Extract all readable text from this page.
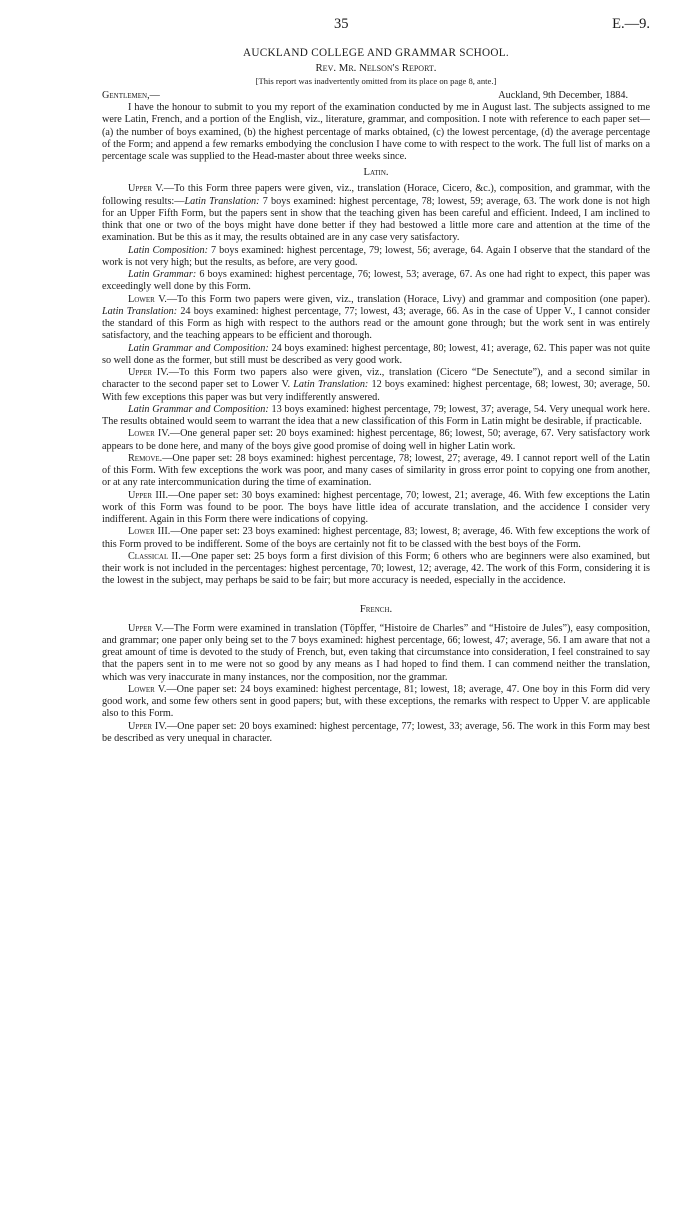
35	E.—9.
AUCKLAND COLLEGE AND GRAMMAR SCHOOL.
Rev. Mr. Nelson's Report.
[This report was inadvertently omitted from its place on page 8, ante.]
Gentlemen,—	Auckland, 9th December, 1884.

I have the honour to submit to you my report of the examination conducted by me in August last. The subjects assigned to me were Latin, French, and a portion of the English, viz., literature, grammar, and composition. I note with reference to each paper set—(a) the number of boys examined, (b) the highest percentage of marks obtained, (c) the lowest percentage, (d) the average percentage of the Form; and append a few remarks embodying the conclusion I have come to with respect to the work. The full list of marks on a percentage scale was supplied to the Head-master about three weeks since.

Latin.

Upper V.—To this Form three papers were given, viz., translation (Horace, Cicero, &c.), composition, and grammar, with the following results:—Latin Translation: 7 boys examined: highest percentage, 78; lowest, 59; average, 63. The work done is not high for an Upper Fifth Form, but the papers sent in show that the teaching given has been careful and efficient. Indeed, I am inclined to think that one or two of the boys might have done better if they had bestowed a little more care and attention at the time of the examination. But be this as it may, the results obtained are in any case very satisfactory.

Latin Composition: 7 boys examined: highest percentage, 79; lowest, 56; average, 64. Again I observe that the standard of the work is not very high; but the results, as before, are very good.

Latin Grammar: 6 boys examined: highest percentage, 76; lowest, 53; average, 67. As one had right to expect, this paper was exceedingly well done by this Form.

Lower V.—To this Form two papers were given, viz., translation (Horace, Livy) and grammar and composition (one paper). Latin Translation: 24 boys examined: highest percentage, 77; lowest, 43; average, 66. As in the case of Upper V., I cannot consider the standard of this Form as high with respect to the authors read or the amount gone through; but the work sent in was entirely satisfactory, and the teaching appears to be efficient and thorough.

Latin Grammar and Composition: 24 boys examined: highest percentage, 80; lowest, 41; average, 62. This paper was not quite so well done as the former, but still must be described as very good work.

Upper IV.—To this Form two papers also were given, viz., translation (Cicero “De Senectute”), and a second similar in character to the second paper set to Lower V. Latin Translation: 12 boys examined: highest percentage, 68; lowest, 30; average, 50. With few exceptions this paper was but very indifferently answered.

Latin Grammar and Composition: 13 boys examined: highest percentage, 79; lowest, 37; average, 54. Very unequal work here. The results obtained would seem to warrant the idea that a new classification of this Form in Latin might be desirable, if practicable.

Lower IV.—One general paper set: 20 boys examined: highest percentage, 86; lowest, 50; average, 67. Very satisfactory work appears to be done here, and many of the boys give good promise of doing well in higher Latin work.

Remove.—One paper set: 28 boys examined: highest percentage, 78; lowest, 27; average, 49. I cannot report well of the Latin of this Form. With few exceptions the work was poor, and many cases of similarity in gross error point to copying one from another, or at any rate intercommunication during the time of examination.

Upper III.—One paper set: 30 boys examined: highest percentage, 70; lowest, 21; average, 46. With few exceptions the Latin work of this Form was found to be poor. The boys have little idea of accurate translation, and the accidence I consider very indifferent. Again in this Form there were indications of copying.

Lower III.—One paper set: 23 boys examined: highest percentage, 83; lowest, 8; average, 46. With few exceptions the work of this Form proved to be indifferent. Some of the boys are certainly not fit to be classed with the best boys of the Form.

Classical II.—One paper set: 25 boys form a first division of this Form; 6 others who are beginners were also examined, but their work is not included in the percentages: highest percentage, 70; lowest, 12; average, 42. The work of this Form, considering it is the lowest in the subject, may perhaps be said to be fair; but more accuracy is needed, especially in the accidence.

French.

Upper V.—The Form were examined in translation (Töpffer, “Histoire de Charles” and “Histoire de Jules”), easy composition, and grammar; one paper only being set to the 7 boys examined: highest percentage, 66; lowest, 47; average, 56. I am aware that not a great amount of time is devoted to the study of French, but, even taking that circumstance into consideration, I feel constrained to say that the papers sent in to me were not so good by any means as I had hoped to find them. I can commend neither the translation, which was very inaccurate in many instances, nor the composition, nor the grammar.

Lower V.—One paper set: 24 boys examined: highest percentage, 81; lowest, 18; average, 47. One boy in this Form did very good work, and some few others sent in good papers; but, with these exceptions, the remarks with respect to Upper V. are applicable also to this Form.

Upper IV.—One paper set: 20 boys examined: highest percentage, 77; lowest, 33; average, 56. The work in this Form may best be described as very unequal in character.
